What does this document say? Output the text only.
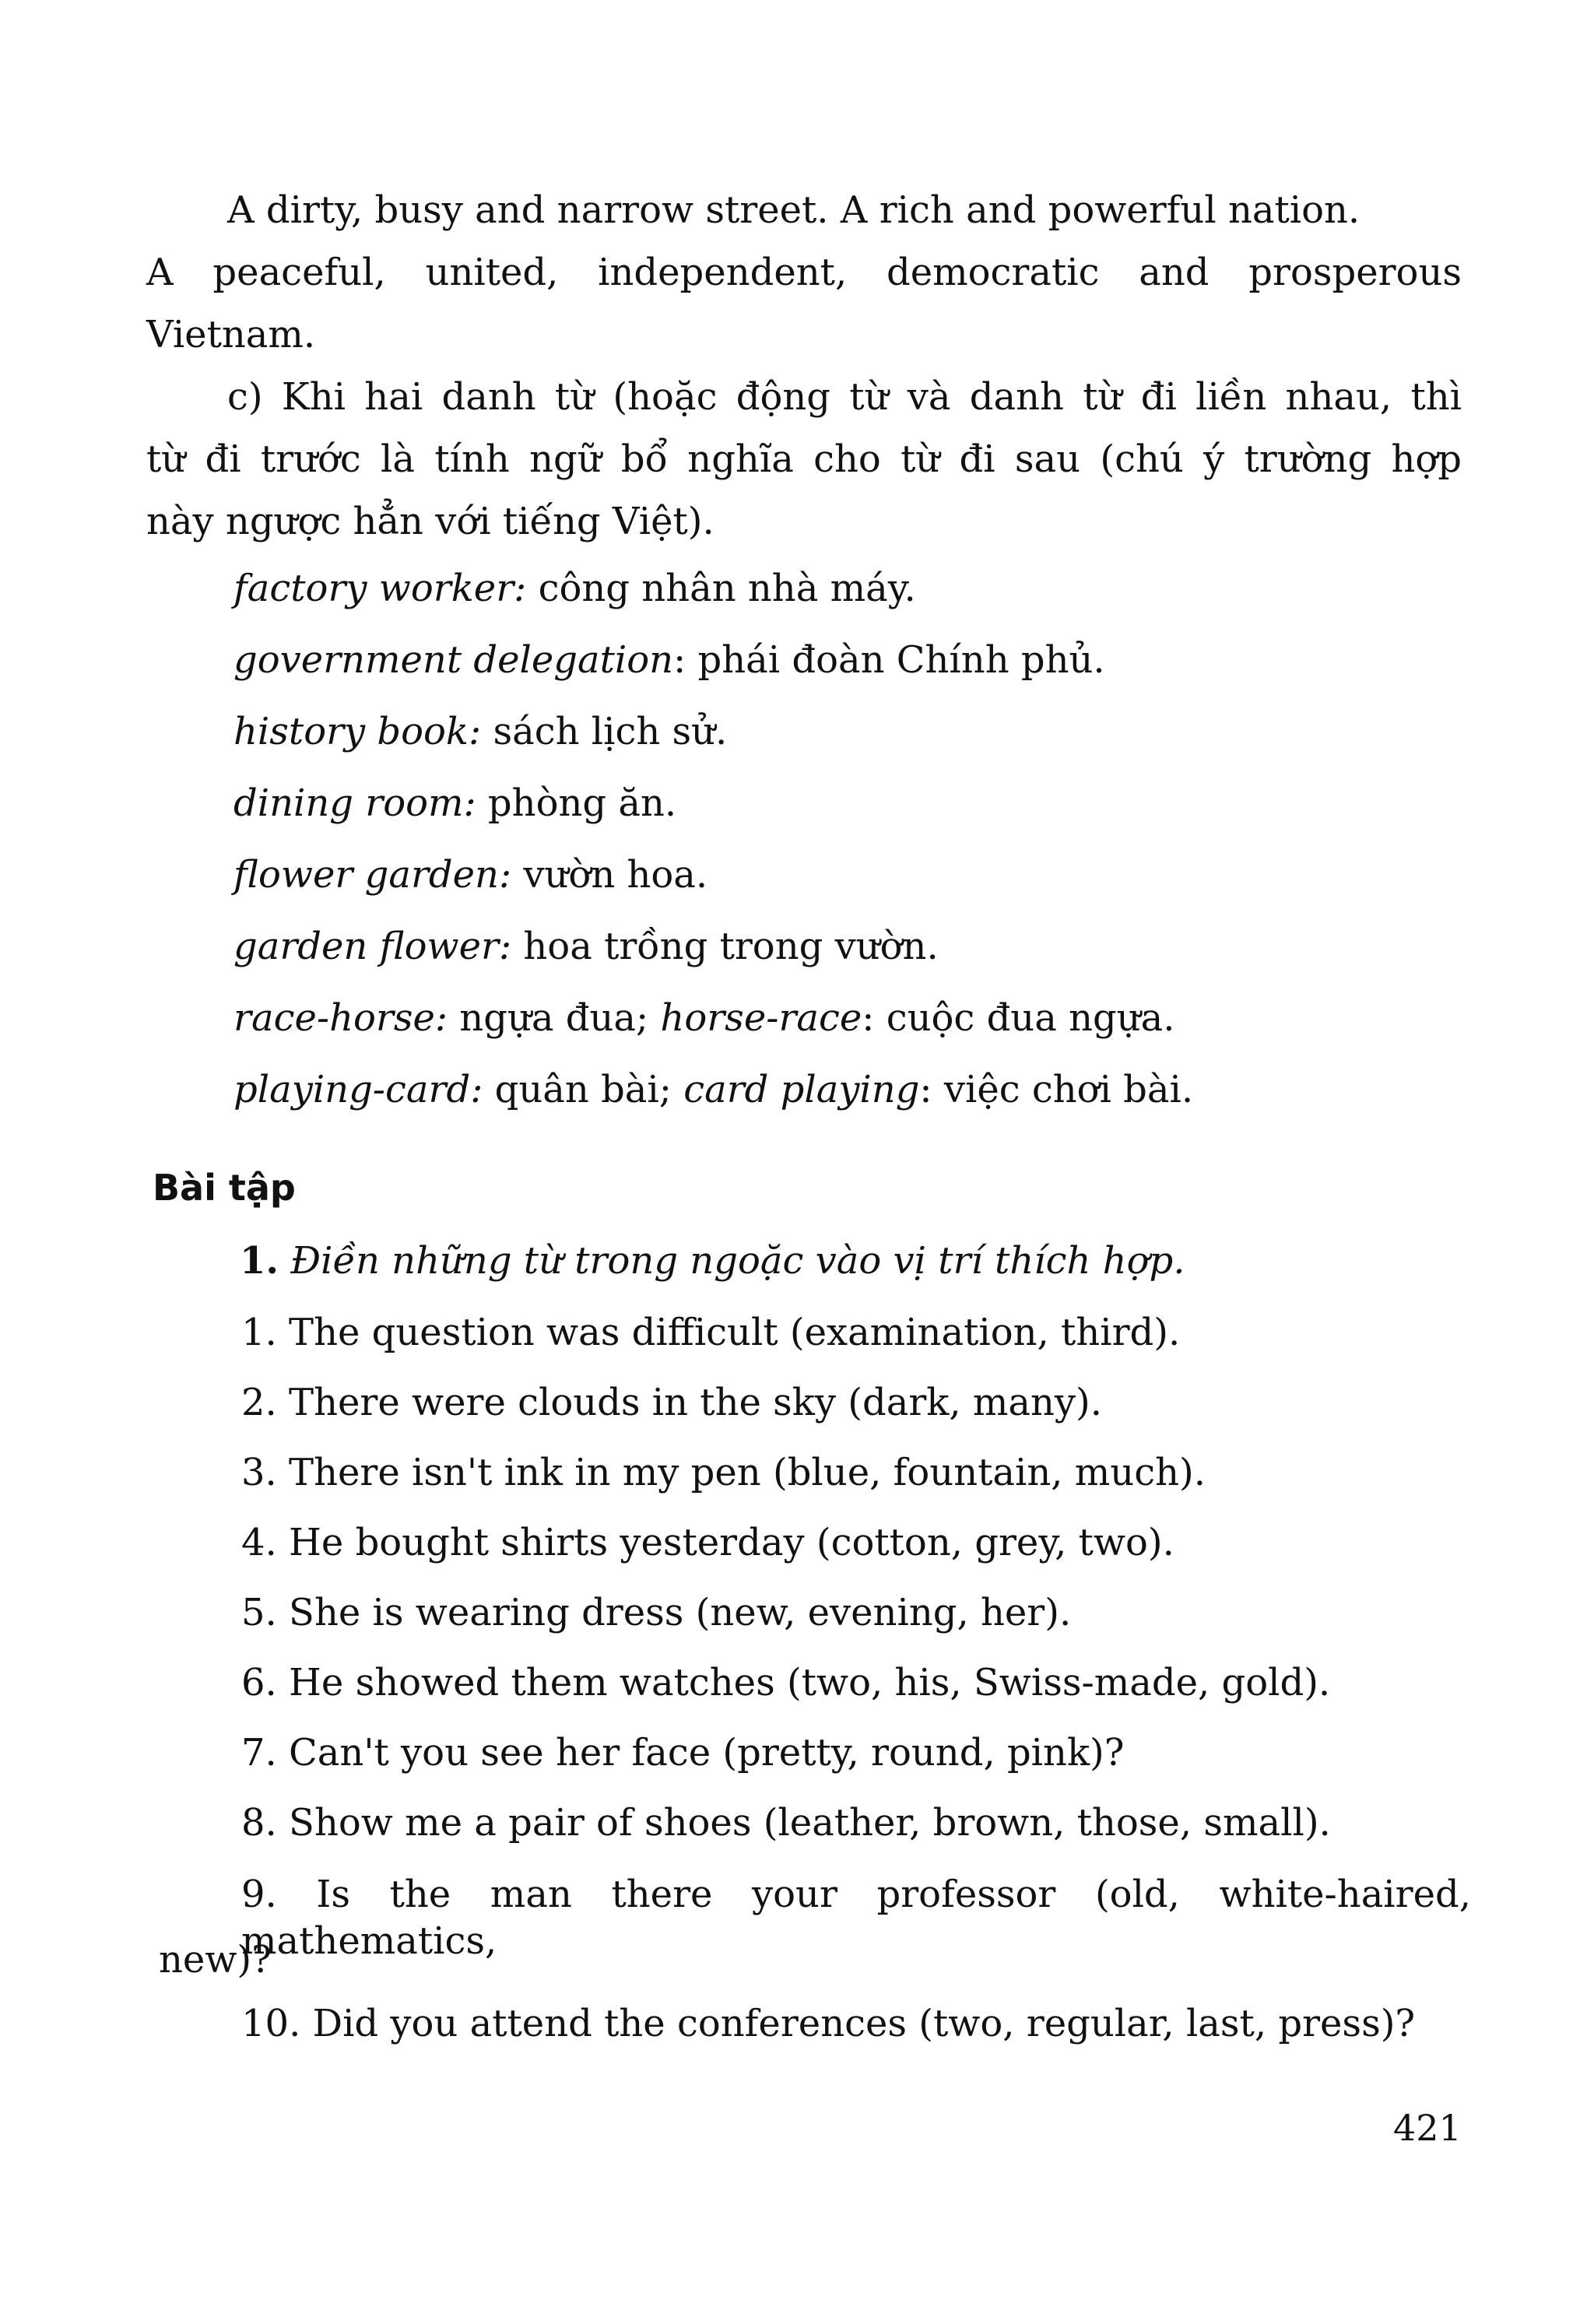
A dirty, busy and narrow street. A rich and powerful nation.
A peaceful, united, independent, democratic and prosperous
Vietnam.
c) Khi hai danh từ (hoặc động từ và danh từ đi liền nhau, thì
từ đi trước là tính ngữ bổ nghĩa cho từ đi sau (chú ý trường hợp
này ngược hẳn với tiếng Việt).
factory worker: công nhân nhà máy.
government delegation: phái đoàn Chính phủ.
history book: sách lịch sử.
dining room: phòng ăn.
flower garden: vườn hoa.
garden flower: hoa trồng trong vườn.
race-horse: ngựa đua; horse-race: cuộc đua ngựa.
playing-card: quân bài; card playing: việc chơi bài.
Bài tập
1. Điền những từ trong ngoặc vào vị trí thích hợp.
1. The question was difficult (examination, third).
2. There were clouds in the sky (dark, many).
3. There isn't ink in my pen (blue, fountain, much).
4. He bought shirts yesterday (cotton, grey, two).
5. She is wearing dress (new, evening, her).
6. He showed them watches (two, his, Swiss-made, gold).
7. Can't you see her face (pretty, round, pink)?
8. Show me a pair of shoes (leather, brown, those, small).
9. Is the man there your professor (old, white-haired, mathematics,
new)?
10. Did you attend the conferences (two, regular, last, press)?
421
